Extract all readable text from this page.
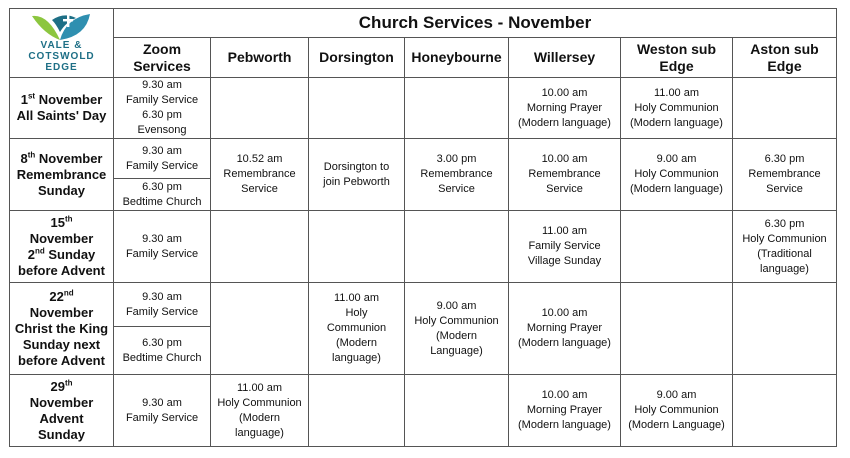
VALE &
COTSWOLD
EDGE	Church Services - November						

	Zoom
Services	Pebworth	Dorsington	Honeybourne	Willersey	Weston sub
Edge	Aston sub
Edge

1st November
All Saints' Day	9.30 am
Family Service
6.30 pm
Evensong				10.00 am
Morning Prayer
(Modern language)	11.00 am
Holy Communion
(Modern language)	

8th November
Remembrance
Sunday	9.30 am
Family Service	10.52 am
Remembrance
Service	Dorsington to
join Pebworth	3.00 pm
Remembrance
Service	10.00 am
Remembrance
Service	9.00 am
Holy Communion
(Modern language)	6.30 pm
Remembrance
Service

	6.30 pm
Bedtime Church						

15th
November
2nd Sunday
before Advent	9.30 am
Family Service				11.00 am
Family Service
Village Sunday		6.30 pm
Holy Communion
(Traditional
language)

22nd
November
Christ the King
Sunday next
before Advent	9.30 am
Family Service		11.00 am
Holy
Communion
(Modern
language)	9.00 am
Holy Communion
(Modern
Language)	10.00 am
Morning Prayer
(Modern language)		

	6.30 pm
Bedtime Church						

29th
November
Advent
Sunday	9.30 am
Family Service	11.00 am
Holy Communion
(Modern
language)			10.00 am
Morning Prayer
(Modern language)	9.00 am
Holy Communion
(Modern Language)	
